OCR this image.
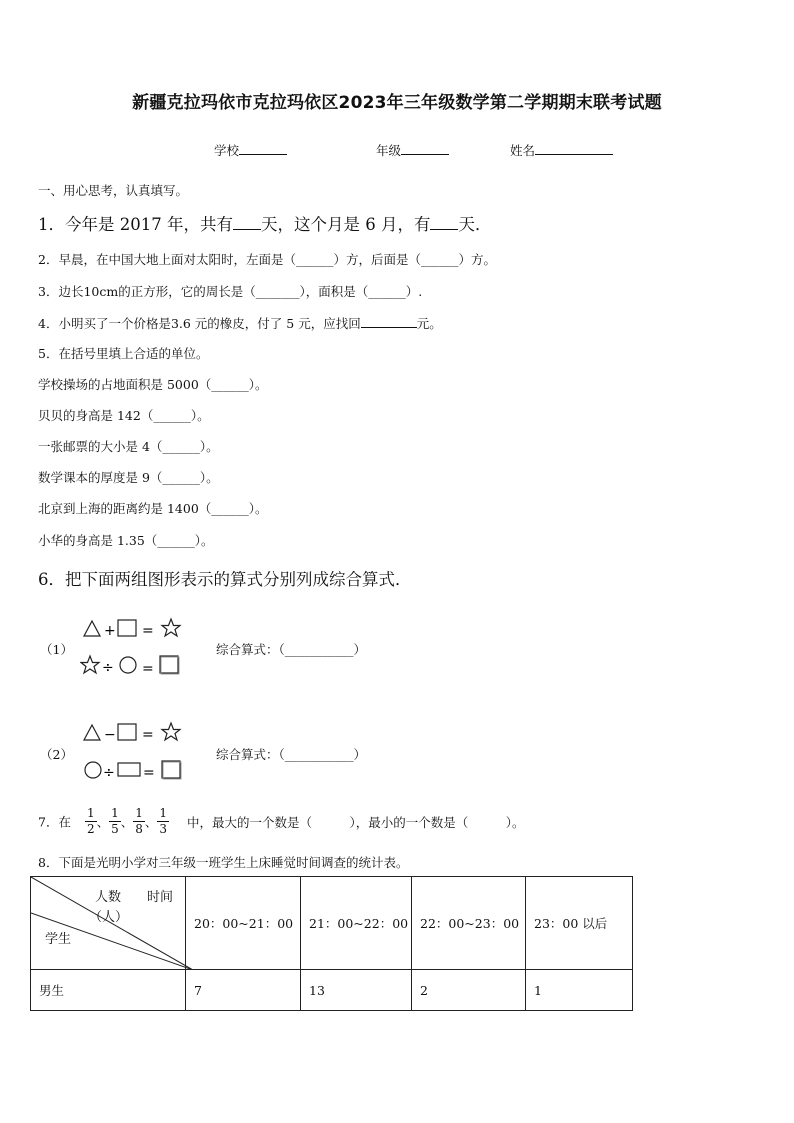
新疆克拉玛依市克拉玛依区2023年三年级数学第二学期期末联考试题
学校	年级	姓名
一、用心思考，认真填写。
1．今年是 2017 年，共有 天，这个月是 6 月，有 天．
2．早晨，在中国大地上面对太阳时，左面是（______）方，后面是（______）方。
3．边长10cm的正方形，它的周长是（_______），面积是（______）.
4．小明买了一个价格是3.6 元的橡皮，付了 5 元，应找回	元。
5．在括号里填上合适的单位。
学校操场的占地面积是 5000（______）。
贝贝的身高是 142（______）。
一张邮票的大小是 4（______）。
数学课本的厚度是 9（______）。
北京到上海的距离约是 1400（______）。
小华的身高是 1.35（______）。
6．把下面两组图形表示的算式分别列成综合算式．
（1）
+ =
÷ =
综合算式：（___________）
（2）
− =
÷ =
综合算式：（___________）
7．在 $\frac{1}{2}$ 、 $\frac{1}{5}$ 、 $\frac{1}{8}$ 、 $\frac{1}{3}$ 中，最大的一个数是（　　　），最小的一个数是（　　　）。
8．下面是光明小学对三年级一班学生上床睡觉时间调查的统计表。
人数 时间
（人）
学生	20：00~21：00	21：00~22：00	22：00~23：00	23：00 以后
男生	7	13	2	1
